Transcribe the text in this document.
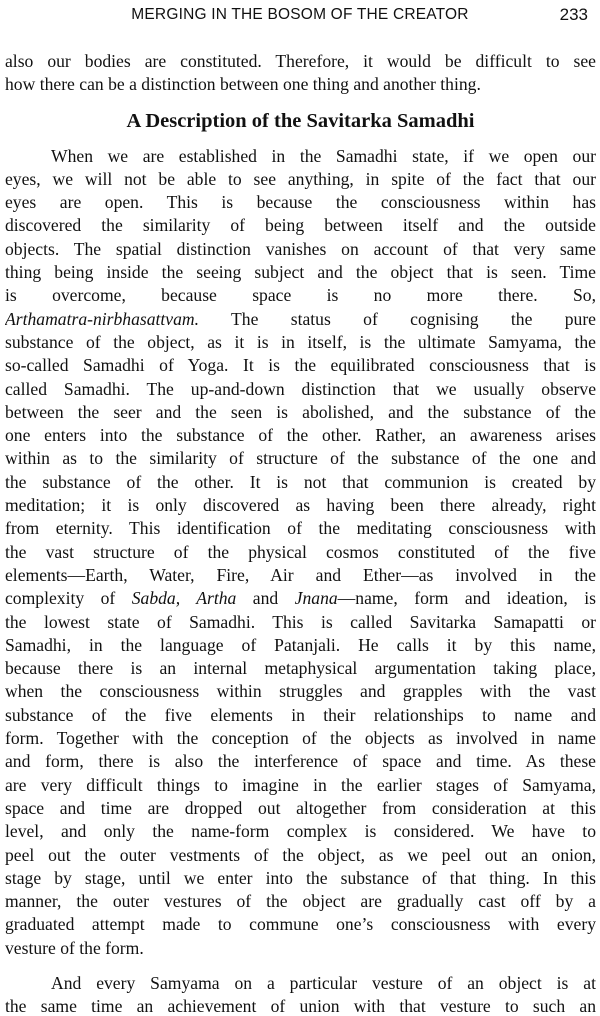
MERGING IN THE BOSOM OF THE CREATOR	233
also our bodies are constituted. Therefore, it would be difficult to see
how there can be a distinction between one thing and another thing.
A Description of the Savitarka Samadhi
When we are established in the Samadhi state, if we open our
eyes, we will not be able to see anything, in spite of the fact that our
eyes are open. This is because the consciousness within has
discovered the similarity of being between itself and the outside
objects. The spatial distinction vanishes on account of that very same
thing being inside the seeing subject and the object that is seen. Time
is overcome, because space is no more there. So,
Arthamatra-nirbhasattvam. The status of cognising the pure
substance of the object, as it is in itself, is the ultimate Samyama, the
so-called Samadhi of Yoga. It is the equilibrated consciousness that is
called Samadhi. The up-and-down distinction that we usually observe
between the seer and the seen is abolished, and the substance of the
one enters into the substance of the other. Rather, an awareness arises
within as to the similarity of structure of the substance of the one and
the substance of the other. It is not that communion is created by
meditation; it is only discovered as having been there already, right
from eternity. This identification of the meditating consciousness with
the vast structure of the physical cosmos constituted of the five
elements—Earth, Water, Fire, Air and Ether—as involved in the
complexity of Sabda, Artha and Jnana—name, form and ideation, is
the lowest state of Samadhi. This is called Savitarka Samapatti or
Samadhi, in the language of Patanjali. He calls it by this name,
because there is an internal metaphysical argumentation taking place,
when the consciousness within struggles and grapples with the vast
substance of the five elements in their relationships to name and
form. Together with the conception of the objects as involved in name
and form, there is also the interference of space and time. As these
are very difficult things to imagine in the earlier stages of Samyama,
space and time are dropped out altogether from consideration at this
level, and only the name-form complex is considered. We have to
peel out the outer vestments of the object, as we peel out an onion,
stage by stage, until we enter into the substance of that thing. In this
manner, the outer vestures of the object are gradually cast off by a
graduated attempt made to commune one’s consciousness with every
vesture of the form.
And every Samyama on a particular vesture of an object is at
the same time an achievement of union with that vesture to such an
